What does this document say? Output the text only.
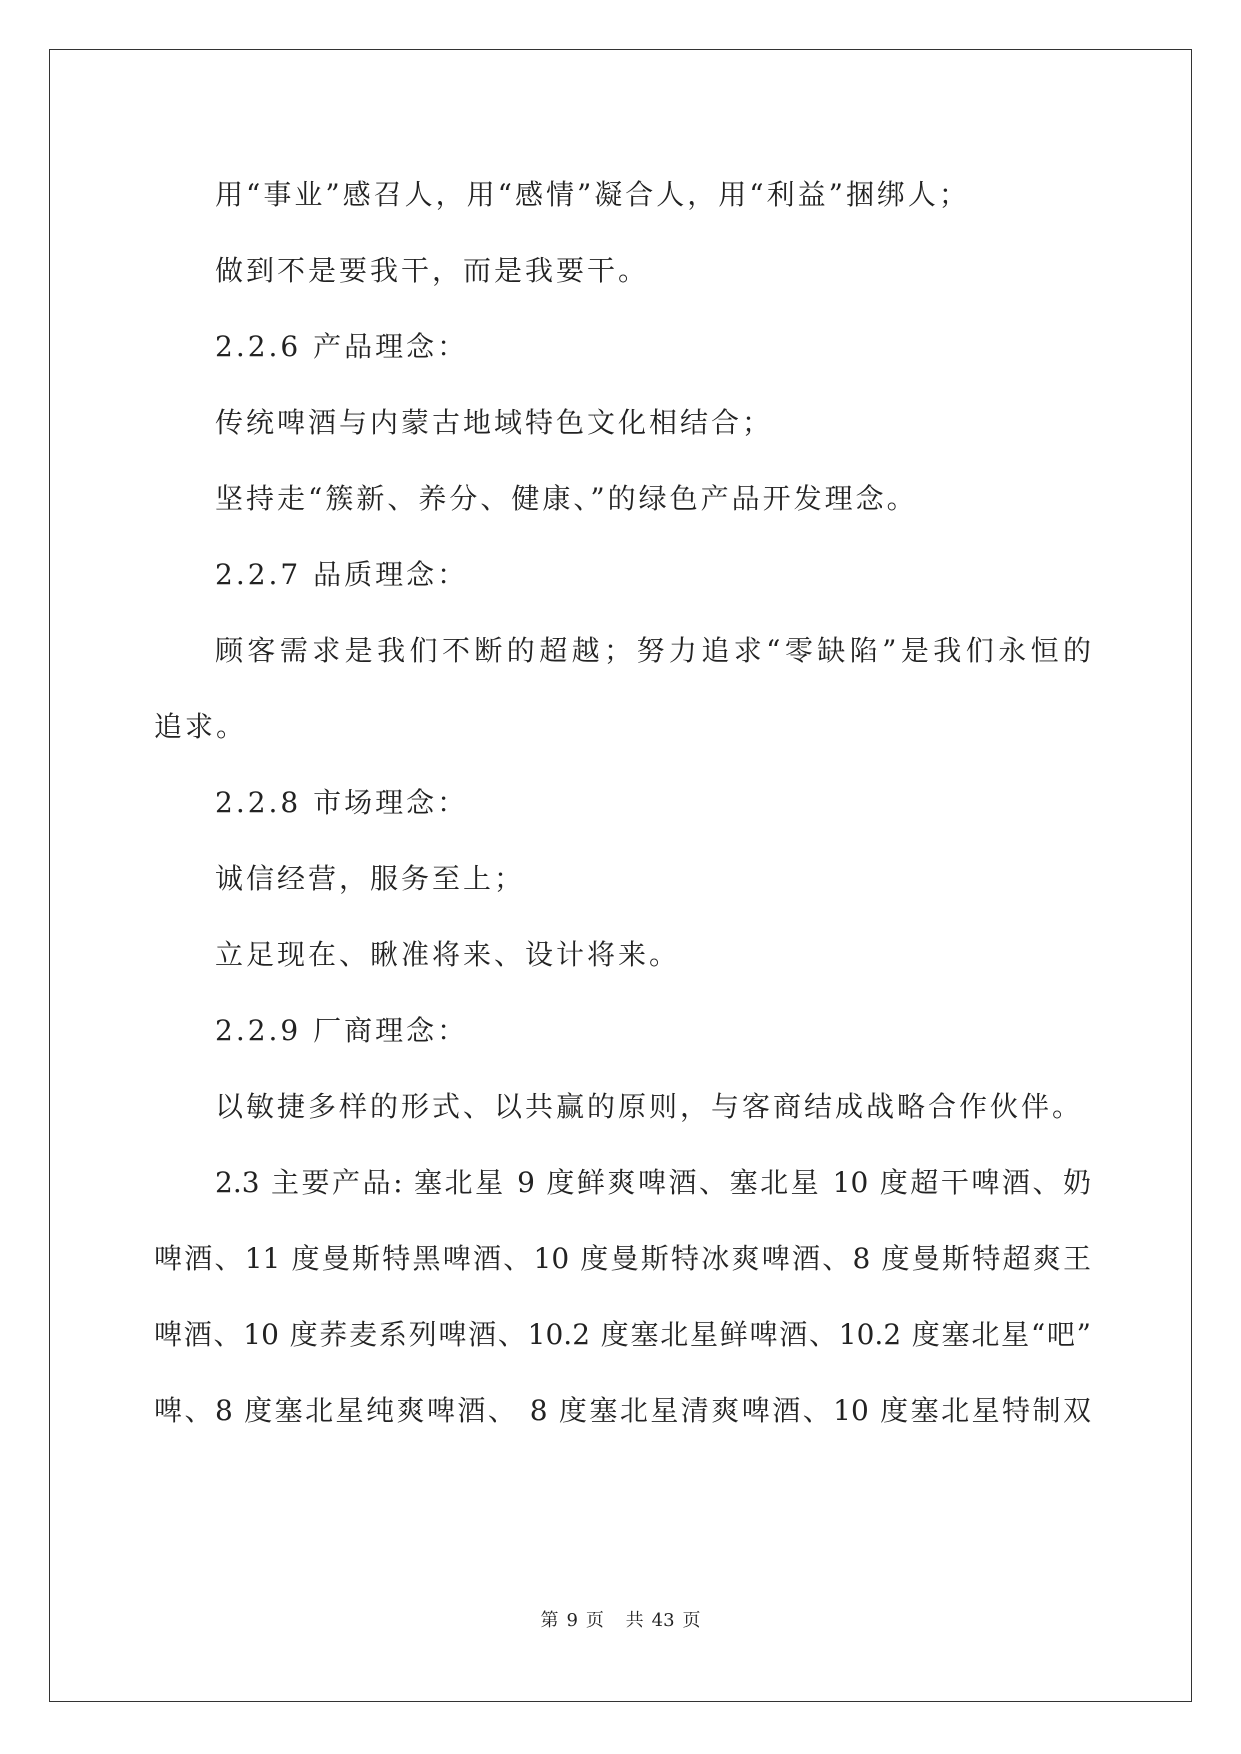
用“事业”感召人，用“感情”凝合人，用“利益”捆绑人；
做到不是要我干，而是我要干。
2.2.6 产品理念：
传统啤酒与内蒙古地域特色文化相结合；
坚持走“簇新、养分、健康、”的绿色产品开发理念。
2.2.7 品质理念：
顾客需求是我们不断的超越；努力追求“零缺陷”是我们永恒的
追求。
2.2.8 市场理念：
诚信经营，服务至上；
立足现在、瞅准将来、设计将来。
2.2.9 厂商理念：
以敏捷多样的形式、以共赢的原则，与客商结成战略合作伙伴。
2.3 主要产品: 塞北星 9 度鲜爽啤酒、塞北星 10 度超干啤酒、奶
啤酒、11 度曼斯特黑啤酒、10 度曼斯特冰爽啤酒、8 度曼斯特超爽王
啤酒、10 度荞麦系列啤酒、10.2 度塞北星鲜啤酒、10.2 度塞北星“吧”
啤、8 度塞北星纯爽啤酒、 8 度塞北星清爽啤酒、10 度塞北星特制双
第 9 页 共 43 页
